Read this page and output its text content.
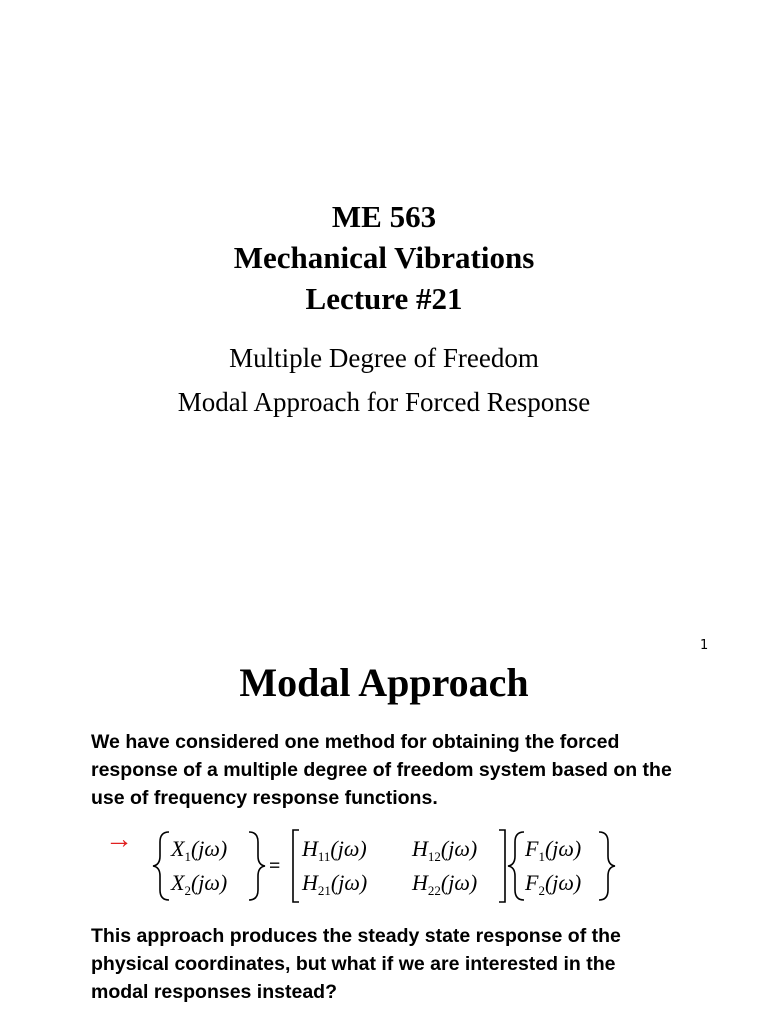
ME 563
Mechanical Vibrations
Lecture #21
Multiple Degree of Freedom
Modal Approach for Forced Response
1
Modal Approach
We have considered one method for obtaining the forced
response of a multiple degree of freedom system based on the
use of frequency response functions.
→ $X_1(j\omega)$
$X_2(j\omega)$
=
$H_{11}(j\omega)$ $H_{12}(j\omega)$
$H_{21}(j\omega)$ $H_{22}(j\omega)$
$F_1(j\omega)$
$F_2(j\omega)$
This approach produces the steady state response of the
physical coordinates, but what if we are interested in the
modal responses instead?
